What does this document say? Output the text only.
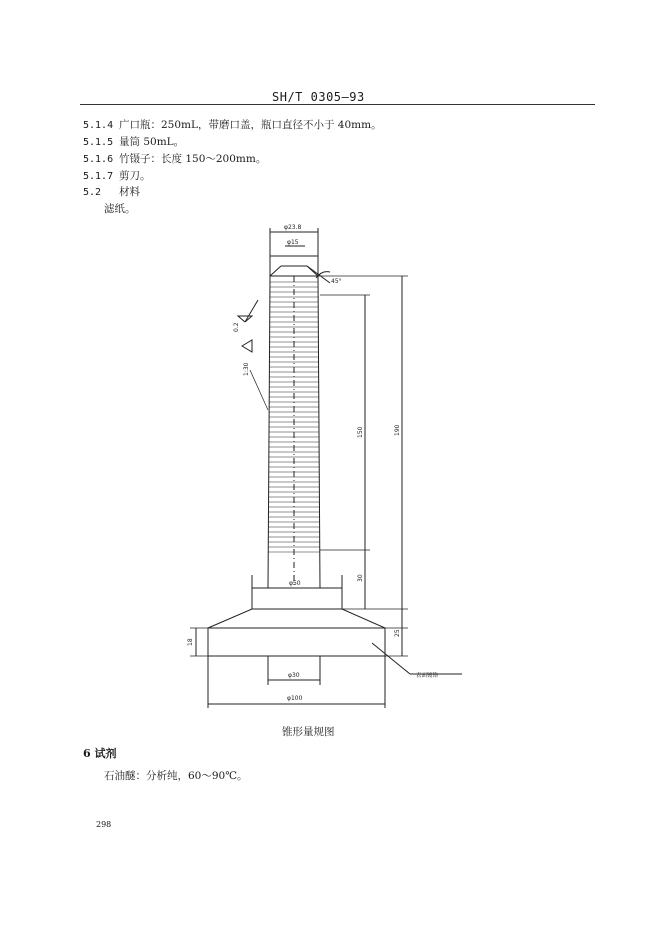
SH/T 0305—93
5.1.4 广口瓶：250mL，带磨口盖，瓶口直径不小于 40mm。
5.1.5 量筒 50mL。
5.1.6 竹镊子：长度 150～200mm。
5.1.7 剪刀。
5.2 材料
滤纸。
φ23.8
φ15
45°
φ50
φ30
φ100
表面镀铬
150	190
30
25
18
0.2
1:30
锥形量规图
6 试剂
石油醚：分析纯，60～90℃。
298
